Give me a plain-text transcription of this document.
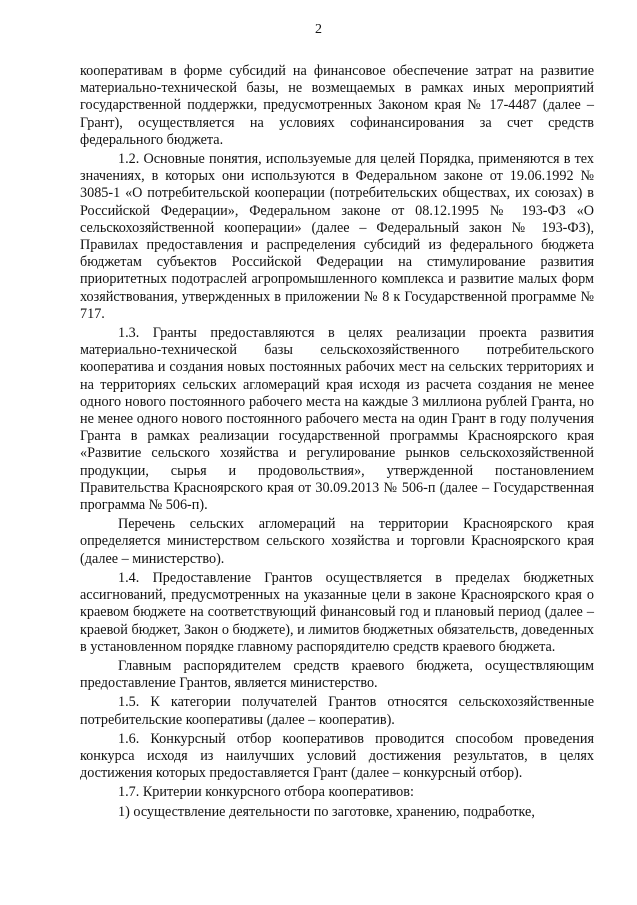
2

кооперативам в форме субсидий на финансовое обеспечение затрат на развитие материально-технической базы, не возмещаемых в рамках иных мероприятий государственной поддержки, предусмотренных Законом края № 17-4487 (далее – Грант), осуществляется на условиях софинансирования за счет средств федерального бюджета.

1.2. Основные понятия, используемые для целей Порядка, применяются в тех значениях, в которых они используются в Федеральном законе от 19.06.1992 № 3085-1 «О потребительской кооперации (потребительских обществах, их союзах) в Российской Федерации», Федеральном законе от 08.12.1995 № 193-ФЗ «О сельскохозяйственной кооперации» (далее – Федеральный закон № 193-ФЗ), Правилах предоставления и распределения субсидий из федерального бюджета бюджетам субъектов Российской Федерации на стимулирование развития приоритетных подотраслей агропромышленного комплекса и развитие малых форм хозяйствования, утвержденных в приложении № 8 к Государственной программе № 717.

1.3. Гранты предоставляются в целях реализации проекта развития материально-технической базы сельскохозяйственного потребительского кооператива и создания новых постоянных рабочих мест на сельских территориях и на территориях сельских агломераций края исходя из расчета создания не менее одного нового постоянного рабочего места на каждые 3 миллиона рублей Гранта, но не менее одного нового постоянного рабочего места на один Грант в году получения Гранта в рамках реализации государственной программы Красноярского края «Развитие сельского хозяйства и регулирование рынков сельскохозяйственной продукции, сырья и продовольствия», утвержденной постановлением Правительства Красноярского края от 30.09.2013 № 506-п (далее – Государственная программа № 506-п).

Перечень сельских агломераций на территории Красноярского края определяется министерством сельского хозяйства и торговли Красноярского края (далее – министерство).

1.4. Предоставление Грантов осуществляется в пределах бюджетных ассигнований, предусмотренных на указанные цели в законе Красноярского края о краевом бюджете на соответствующий финансовый год и плановый период (далее – краевой бюджет, Закон о бюджете), и лимитов бюджетных обязательств, доведенных в установленном порядке главному распорядителю средств краевого бюджета.

Главным распорядителем средств краевого бюджета, осуществляющим предоставление Грантов, является министерство.

1.5. К категории получателей Грантов относятся сельскохозяйственные потребительские кооперативы (далее – кооператив).

1.6. Конкурсный отбор кооперативов проводится способом проведения конкурса исходя из наилучших условий достижения результатов, в целях достижения которых предоставляется Грант (далее – конкурсный отбор).

1.7. Критерии конкурсного отбора кооперативов:

1) осуществление деятельности по заготовке, хранению, подработке,
